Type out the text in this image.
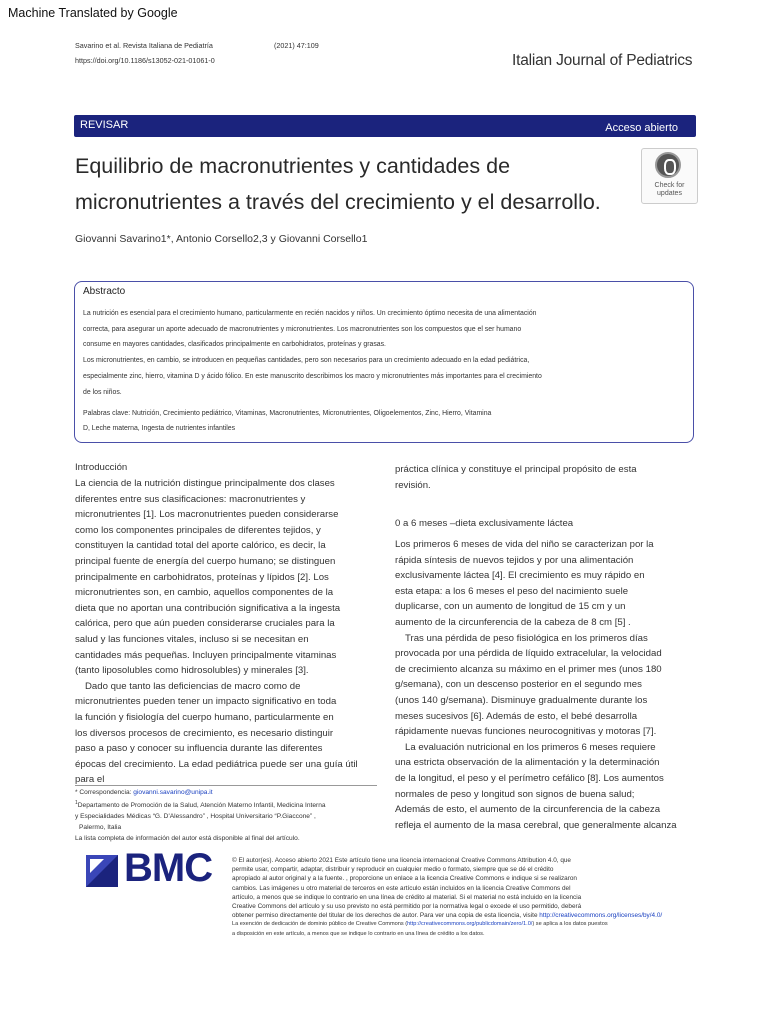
Machine Translated by Google
Savarino et al. Revista Italiana de Pediatría	(2021) 47:109
https://doi.org/10.1186/s13052-021-01061-0	Italian Journal of Pediatrics
REVISAR	Acceso abierto
Equilibrio de macronutrientes y cantidades de
micronutrientes a través del crecimiento y el desarrollo.
Check for
updates
Giovanni Savarino1*, Antonio Corsello2,3 y Giovanni Corsello1
Abstracto
La nutrición es esencial para el crecimiento humano, particularmente en recién nacidos y niños. Un crecimiento óptimo necesita de una alimentación
correcta, para asegurar un aporte adecuado de macronutrientes y micronutrientes. Los macronutrientes son los compuestos que el ser humano
consume en mayores cantidades, clasificados principalmente en carbohidratos, proteínas y grasas.
Los micronutrientes, en cambio, se introducen en pequeñas cantidades, pero son necesarios para un crecimiento adecuado en la edad pediátrica,
especialmente zinc, hierro, vitamina D y ácido fólico. En este manuscrito describimos los macro y micronutrientes más importantes para el crecimiento
de los niños.
Palabras clave: Nutrición, Crecimiento pediátrico, Vitaminas, Macronutrientes, Micronutrientes, Oligoelementos, Zinc, Hierro, Vitamina
D, Leche materna, Ingesta de nutrientes infantiles
Introducción

La ciencia de la nutrición distingue principalmente dos clases

diferentes entre sus clasificaciones: macronutrientes y

micronutrientes [1]. Los macronutrientes pueden considerarse

como los componentes principales de diferentes tejidos, y

constituyen la cantidad total del aporte calórico, es decir, la

principal fuente de energía del cuerpo humano; se distinguen

principalmente en carbohidratos, proteínas y lípidos [2]. Los

micronutrientes son, en cambio, aquellos componentes de la

dieta que no aportan una contribución significativa a la ingesta

calórica, pero que aún pueden considerarse cruciales para la

salud y las funciones vitales, incluso si se necesitan en

cantidades más pequeñas. Incluyen principalmente vitaminas

(tanto liposolubles como hidrosolubles) y minerales [3].

Dado que tanto las deficiencias de macro como de

micronutrientes pueden tener un impacto significativo en toda

la función y fisiología del cuerpo humano, particularmente en

los diversos procesos de crecimiento, es necesario distinguir

paso a paso y conocer su influencia durante las diferentes

épocas del crecimiento. La edad pediátrica puede ser una guía útil para el

práctica clínica y constituye el principal propósito de esta

revisión.

0 a 6 meses –dieta exclusivamente láctea

Los primeros 6 meses de vida del niño se caracterizan por la

rápida síntesis de nuevos tejidos y por una alimentación

exclusivamente láctea [4]. El crecimiento es muy rápido en

esta etapa: a los 6 meses el peso del nacimiento suele

duplicarse, con un aumento de longitud de 15 cm y un

aumento de la circunferencia de la cabeza de 8 cm [5] .

Tras una pérdida de peso fisiológica en los primeros días

provocada por una pérdida de líquido extracelular, la velocidad

de crecimiento alcanza su máximo en el primer mes (unos 180

g/semana), con un descenso posterior en el segundo mes

(unos 140 g/semana). Disminuye gradualmente durante los

meses sucesivos [6]. Además de esto, el bebé desarrolla

rápidamente nuevas funciones neurocognitivas y motoras [7].

La evaluación nutricional en los primeros 6 meses requiere

una estricta observación de la alimentación y la determinación

de la longitud, el peso y el perímetro cefálico [8]. Los aumentos

normales de peso y longitud son signos de buena salud;

Además de esto, el aumento de la circunferencia de la cabeza

refleja el aumento de la masa cerebral, que generalmente alcanza

* Correspondencia: giovanni.savarino@unipa.it
$^1$Departamento de Promoción de la Salud, Atención Materno Infantil, Medicina Interna
y Especialidades Médicas “G. D'Alessandro” , Hospital Universitario “P.Giaccone” ,
Palermo, Italia
La lista completa de información del autor está disponible al final del artículo.
BMC	© El autor(es). Acceso abierto 2021 Este artículo tiene una licencia internacional Creative Commons Attribution 4.0, que
permite usar, compartir, adaptar, distribuir y reproducir en cualquier medio o formato, siempre que se dé el crédito
apropiado al autor original y a la fuente. , proporcione un enlace a la licencia Creative Commons e indique si se realizaron
cambios. Las imágenes u otro material de terceros en este artículo están incluidos en la licencia Creative Commons del
artículo, a menos que se indique lo contrario en una línea de crédito al material. Si el material no está incluido en la licencia
Creative Commons del artículo y su uso previsto no está permitido por la normativa legal o excede el uso permitido, deberá
obtener permiso directamente del titular de los derechos de autor. Para ver una copia de esta licencia, visite http://creativecommons.org/licenses/by/4.0/
La exención de dedicación de dominio público de Creative Commons (http://creativecommons.org/publicdomain/zero/1.0/) se aplica a los datos puestos
a disposición en este artículo, a menos que se indique lo contrario en una línea de crédito a los datos.
